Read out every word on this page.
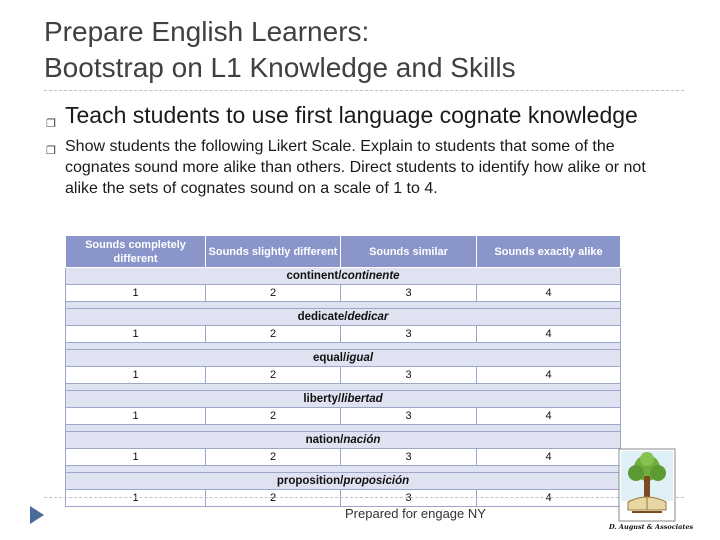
Prepare English Learners:
Bootstrap on L1 Knowledge and Skills
❐ Teach students to use first language cognate knowledge
❐ Show students the following Likert Scale. Explain to students that some of the cognates sound more alike than others. Direct students to identify how alike or not alike the sets of cognates sound on a scale of 1 to 4.
Sounds completely different	Sounds slightly different	Sounds similar	Sounds exactly alike
continent/continente			
1	2	3	4

dedicate/dedicar			
1	2	3	4

equal/igual			
1	2	3	4

liberty/libertad			
1	2	3	4

nation/nación			
1	2	3	4

proposition/proposición			
1	2	3	4
Prepared for engage NY
D. August & Associates
